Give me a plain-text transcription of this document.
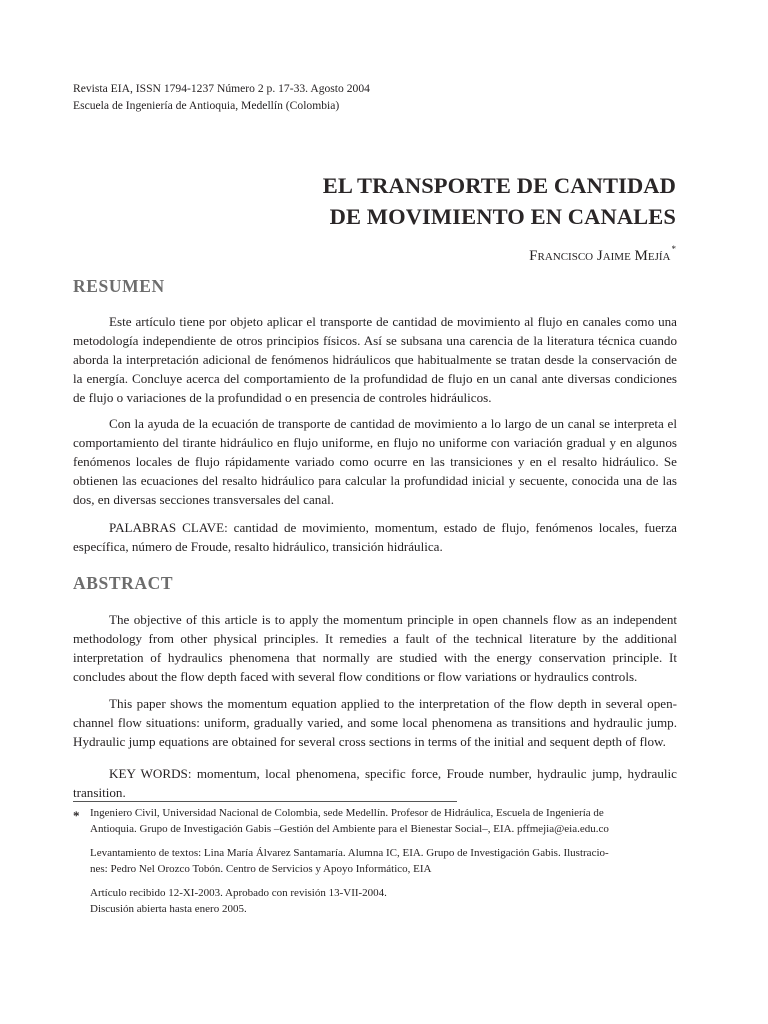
Revista EIA, ISSN 1794-1237 Número 2 p. 17-33. Agosto 2004
Escuela de Ingeniería de Antioquia, Medellín (Colombia)
EL TRANSPORTE DE CANTIDAD
DE MOVIMIENTO EN CANALES
Francisco Jaime Mejía*
RESUMEN

Este artículo tiene por objeto aplicar el transporte de cantidad de movimiento al flujo en canales como una metodología independiente de otros principios físicos. Así se subsana una carencia de la literatura técnica cuando aborda la interpretación adicional de fenómenos hidráulicos que habitualmente se tratan desde la conservación de la energía. Concluye acerca del comportamiento de la profundidad de flujo en un canal ante diversas condiciones de flujo o variaciones de la profundidad o en presencia de controles hidráulicos.

Con la ayuda de la ecuación de transporte de cantidad de movimiento a lo largo de un canal se interpreta el comportamiento del tirante hidráulico en flujo uniforme, en flujo no uniforme con variación gradual y en algunos fenómenos locales de flujo rápidamente variado como ocurre en las transiciones y en el resalto hidráulico. Se obtienen las ecuaciones del resalto hidráulico para calcular la profundidad inicial y secuente, conocida una de las dos, en diversas secciones transversales del canal.

PALABRAS CLAVE: cantidad de movimiento, momentum, estado de flujo, fenómenos locales, fuerza específica, número de Froude, resalto hidráulico, transición hidráulica.

ABSTRACT

The objective of this article is to apply the momentum principle in open channels flow as an independent methodology from other physical principles. It remedies a fault of the technical literature by the additional interpretation of hydraulics phenomena that normally are studied with the energy conservation principle. It concludes about the flow depth faced with several flow conditions or flow variations or hydraulics controls.

This paper shows the momentum equation applied to the interpretation of the flow depth in several open-channel flow situations: uniform, gradually varied, and some local phenomena as transitions and hydraulic jump. Hydraulic jump equations are obtained for several cross sections in terms of the initial and sequent depth of flow.

KEY WORDS: momentum, local phenomena, specific force, Froude number, hydraulic jump, hydraulic transition.

* Ingeniero Civil, Universidad Nacional de Colombia, sede Medellín. Profesor de Hidráulica, Escuela de Ingeniería de
Antioquia. Grupo de Investigación Gabis –Gestión del Ambiente para el Bienestar Social–, EIA. pffmejia@eia.edu.co
Levantamiento de textos: Lina María Álvarez Santamaría. Alumna IC, EIA. Grupo de Investigación Gabis. Ilustracio-
nes: Pedro Nel Orozco Tobón. Centro de Servicios y Apoyo Informático, EIA
Artículo recibido 12-XI-2003. Aprobado con revisión 13-VII-2004.
Discusión abierta hasta enero 2005.
